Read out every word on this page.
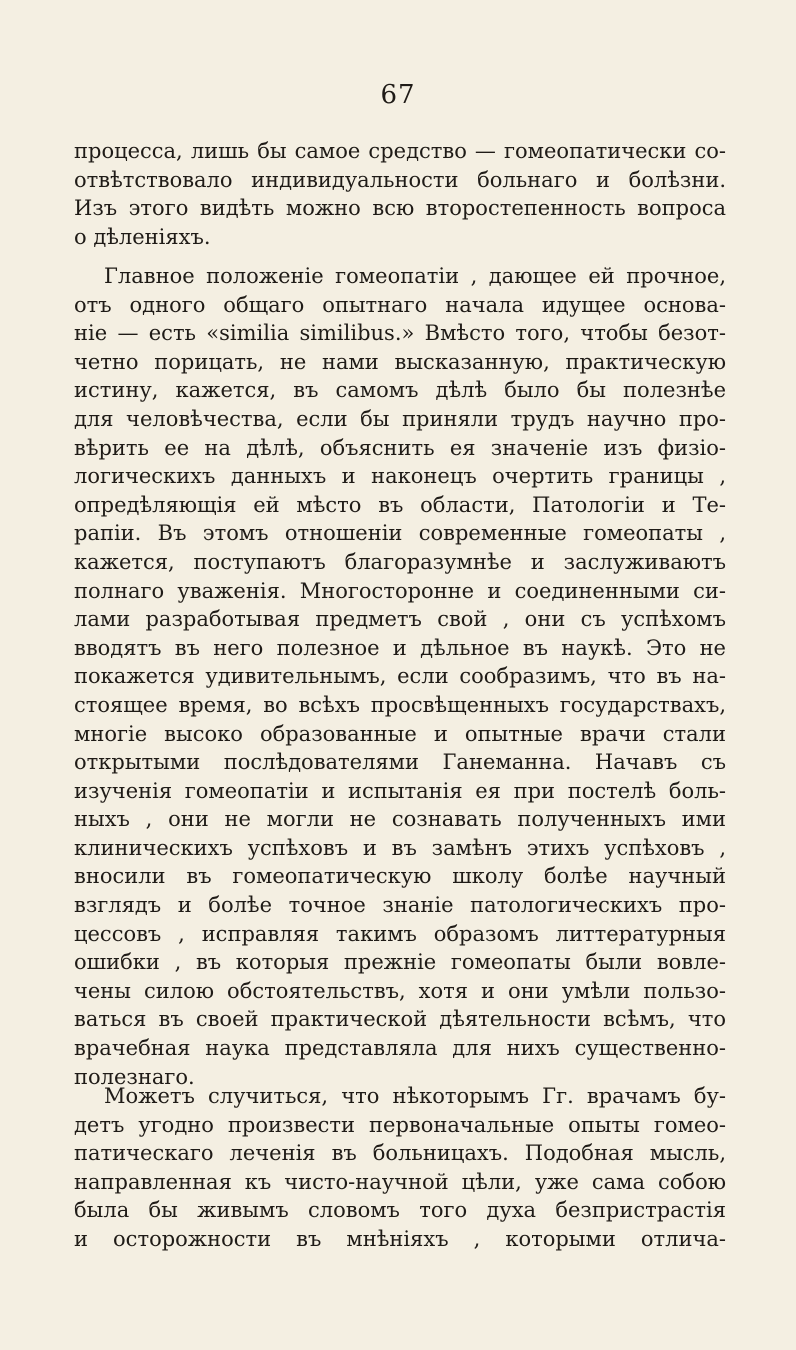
67
процесса, лишь бы самое средство — гомеопатически со-
отвѣтствовало индивидуальности больнаго и болѣзни.
Изъ этого видѣть можно всю второстепенность вопроса
о дѣленiяхъ.
Главное положенiе гомеопатiи , дающее ей прочное,
отъ одного общаго опытнаго начала идущее основа-
нiе — есть «similia similibus.» Вмѣсто того, чтобы безот-
четно порицать, не нами высказанную, практическую
истину, кажется, въ самомъ дѣлѣ было бы полезнѣе
для человѣчества, если бы приняли трудъ научно про-
вѣрить ее на дѣлѣ, объяснить ея значенiе изъ физiо-
логическихъ данныхъ и наконецъ очертить границы ,
опредѣляющiя ей мѣсто въ области, Патологiи и Те-
рапiи. Въ этомъ отношенiи современные гомеопаты ,
кажется, поступаютъ благоразумнѣе и заслуживаютъ
полнаго уваженiя. Многосторонне и соединенными си-
лами разработывая предметъ свой , они съ успѣхомъ
вводятъ въ него полезное и дѣльное въ наукѣ. Это не
покажется удивительнымъ, если сообразимъ, что въ на-
стоящее время, во всѣхъ просвѣщенныхъ государствахъ,
многiе высоко образованные и опытные врачи стали
открытыми послѣдователями Ганеманна. Начавъ съ
изученiя гомеопатiи и испытанiя ея при постелѣ боль-
ныхъ , они не могли не сознавать полученныхъ ими
клиническихъ успѣховъ и въ замѣнъ этихъ успѣховъ ,
вносили въ гомеопатическую школу болѣе научный
взглядъ и болѣе точное знанiе патологическихъ про-
цессовъ , исправляя такимъ образомъ литтературныя
ошибки , въ которыя прежнiе гомеопаты были вовле-
чены силою обстоятельствъ, хотя и они умѣли пользо-
ваться въ своей практической дѣятельности всѣмъ, что
врачебная наука представляла для нихъ существенно-
полезнаго.
Можетъ случиться, что нѣкоторымъ Гг. врачамъ бу-
детъ угодно произвести первоначальные опыты гомео-
патическаго леченiя въ больницахъ. Подобная мысль,
направленная къ чисто-научной цѣли, уже сама собою
была бы живымъ словомъ того духа безпристрастiя
и осторожности въ мнѣнiяхъ , которыми отлича-
